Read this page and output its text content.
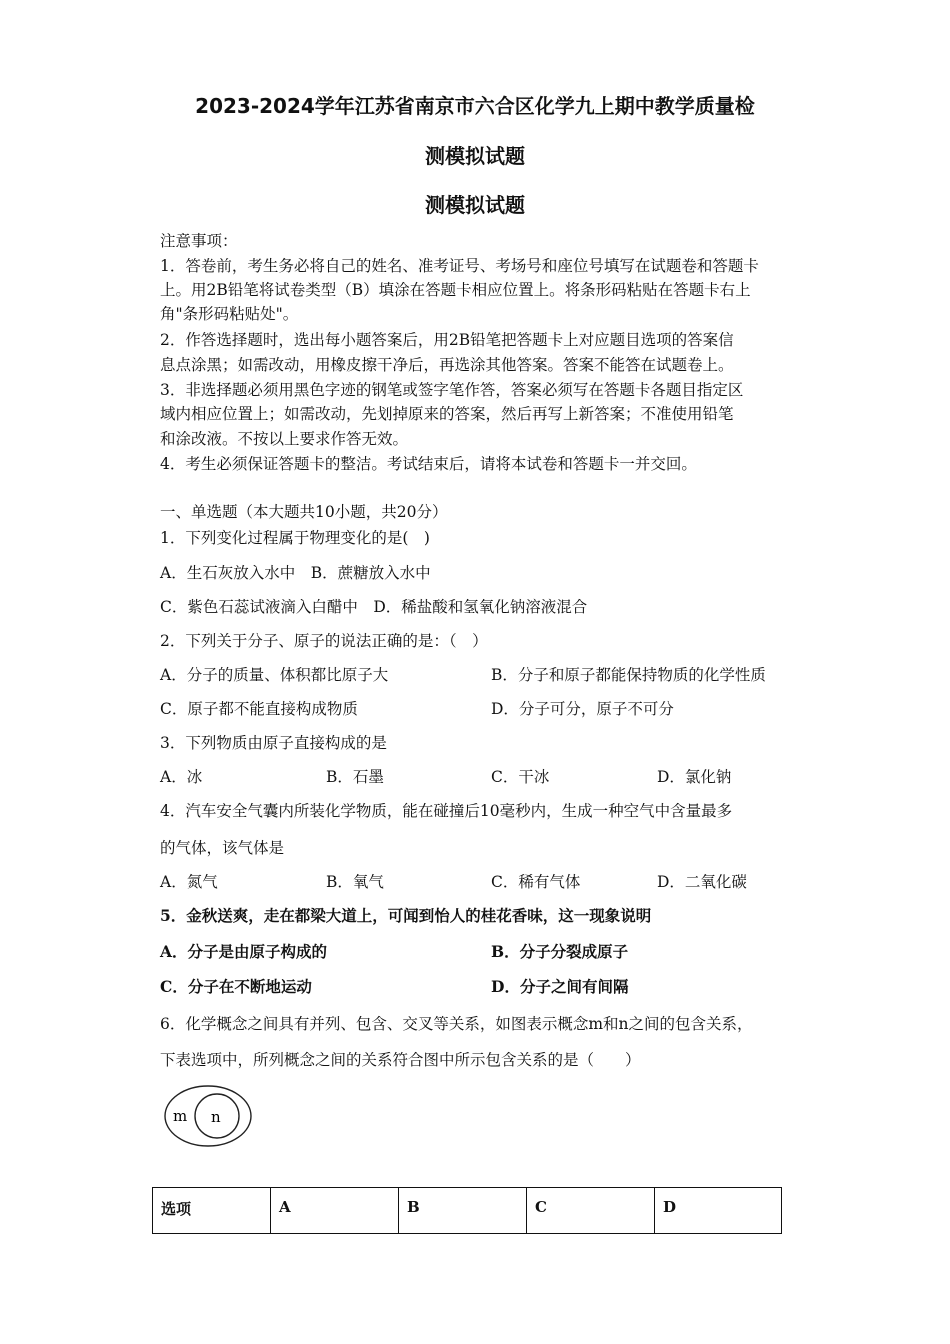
2023-2024学年江苏省南京市六合区化学九上期中教学质量检
测模拟试题
测模拟试题
注意事项：
1．答卷前，考生务必将自己的姓名、准考证号、考场号和座位号填写在试题卷和答题卡
上。用2B铅笔将试卷类型（B）填涂在答题卡相应位置上。将条形码粘贴在答题卡右上
角"条形码粘贴处"。
2．作答选择题时，选出每小题答案后，用2B铅笔把答题卡上对应题目选项的答案信
息点涂黑；如需改动，用橡皮擦干净后，再选涂其他答案。答案不能答在试题卷上。
3．非选择题必须用黑色字迹的钢笔或签字笔作答，答案必须写在答题卡各题目指定区
域内相应位置上；如需改动，先划掉原来的答案，然后再写上新答案；不准使用铅笔
和涂改液。不按以上要求作答无效。
4．考生必须保证答题卡的整洁。考试结束后，请将本试卷和答题卡一并交回。
一、单选题（本大题共10小题，共20分）
1．下列变化过程属于物理变化的是(　)
A．生石灰放入水中　B．蔗糖放入水中
C．紫色石蕊试液滴入白醋中　D．稀盐酸和氢氧化钠溶液混合
2．下列关于分子、原子的说法正确的是：（　）
A．分子的质量、体积都比原子大	B．分子和原子都能保持物质的化学性质
C．原子都不能直接构成物质	D．分子可分，原子不可分
3．下列物质由原子直接构成的是
A．冰	B．石墨	C．干冰	D．氯化钠
4．汽车安全气囊内所装化学物质，能在碰撞后10毫秒内，生成一种空气中含量最多
的气体，该气体是
A．氮气	B．氧气	C．稀有气体	D．二氧化碳
5．金秋送爽，走在都梁大道上，可闻到怡人的桂花香味，这一现象说明
A．分子是由原子构成的	B．分子分裂成原子
C．分子在不断地运动	D．分子之间有间隔
6．化学概念之间具有并列、包含、交叉等关系，如图表示概念m和n之间的包含关系，
下表选项中，所列概念之间的关系符合图中所示包含关系的是（　　）
m n
选项	A	B	C	D
